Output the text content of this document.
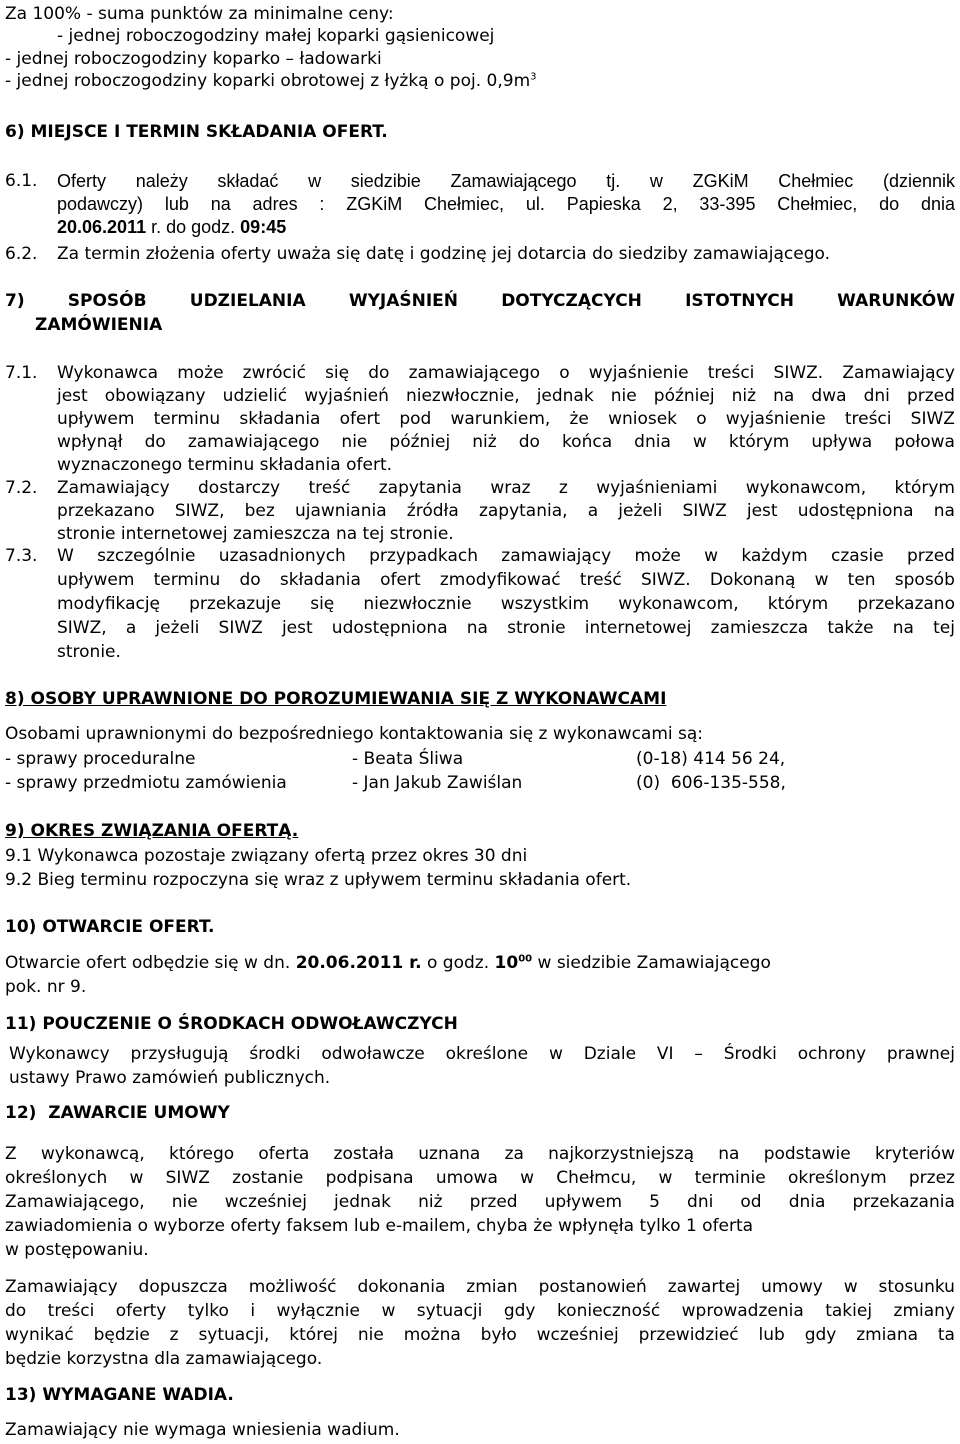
Za 100% - suma punktów za minimalne ceny:
- jednej roboczogodziny małej koparki gąsienicowej
- jednej roboczogodziny koparko – ładowarki
- jednej roboczogodziny koparki obrotowej z łyżką o poj. $0,9m^3$
6) MIEJSCE I TERMIN SKŁADANIA OFERT.
6.1. Oferty należy składać w siedzibie Zamawiającego tj. w ZGKiM Chełmiec (dziennik
podawczy) lub na adres : ZGKiM Chełmiec, ul. Papieska 2, 33-395 Chełmiec, do dnia
20.06.2011 r. do godz. 09:45
6.2. Za termin złożenia oferty uważa się datę i godzinę jej dotarcia do siedziby zamawiającego.
7)	SPOSÓB	UDZIELANIA	WYJAŚNIEŃ	DOTYCZĄCYCH	ISTOTNYCH	WARUNKÓW
ZAMÓWIENIA
7.1. Wykonawca może zwrócić się do zamawiającego o wyjaśnienie treści SIWZ. Zamawiający
jest obowiązany udzielić wyjaśnień niezwłocznie, jednak nie później niż na dwa dni przed
upływem terminu składania ofert pod warunkiem, że wniosek o wyjaśnienie treści SIWZ
wpłynął do zamawiającego nie później niż do końca dnia w którym upływa połowa
wyznaczonego terminu składania ofert.
7.2. Zamawiający dostarczy treść zapytania wraz z wyjaśnieniami wykonawcom, którym
przekazano SIWZ, bez ujawniania źródła zapytania, a jeżeli SIWZ jest udostępniona na
stronie internetowej zamieszcza na tej stronie.
7.3. W szczególnie uzasadnionych przypadkach zamawiający może w każdym czasie przed
upływem terminu do składania ofert zmodyfikować treść SIWZ. Dokonaną w ten sposób
modyfikację przekazuje się niezwłocznie wszystkim wykonawcom, którym przekazano
SIWZ, a jeżeli SIWZ jest udostępniona na stronie internetowej zamieszcza także na tej
stronie.
8) OSOBY UPRAWNIONE DO POROZUMIEWANIA SIĘ Z WYKONAWCAMI
Osobami uprawnionymi do bezpośredniego kontaktowania się z wykonawcami są:
- sprawy proceduralne	- Beata Śliwa	(0-18) 414 56 24,
- sprawy przedmiotu zamówienia	- Jan Jakub Zawiślan	(0)  606-135-558,
9) OKRES ZWIĄZANIA OFERTĄ.
9.1 Wykonawca pozostaje związany ofertą przez okres 30 dni
9.2 Bieg terminu rozpoczyna się wraz z upływem terminu składania ofert.
10) OTWARCIE OFERT.
Otwarcie ofert odbędzie się w dn. 20.06.2011 r. o godz. $10^{00}$ w siedzibie Zamawiającego
pok. nr 9.
11) POUCZENIE O ŚRODKACH ODWOŁAWCZYCH
Wykonawcy przysługują środki odwoławcze określone w Dziale VI – Środki ochrony prawnej
ustawy Prawo zamówień publicznych.
12)  ZAWARCIE UMOWY
Z wykonawcą, którego oferta została uznana za najkorzystniejszą na podstawie kryteriów
określonych w SIWZ zostanie podpisana umowa w Chełmcu, w terminie określonym przez
Zamawiającego, nie wcześniej jednak niż przed upływem 5 dni od dnia przekazania
zawiadomienia o wyborze oferty faksem lub e-mailem, chyba że wpłynęła tylko 1 oferta
w postępowaniu.
Zamawiający dopuszcza możliwość dokonania zmian postanowień zawartej umowy w stosunku
do treści oferty tylko i wyłącznie w sytuacji gdy konieczność wprowadzenia takiej zmiany
wynikać będzie z sytuacji, której nie można było wcześniej przewidzieć lub gdy zmiana ta
będzie korzystna dla zamawiającego.
13) WYMAGANE WADIA.
Zamawiający nie wymaga wniesienia wadium.
